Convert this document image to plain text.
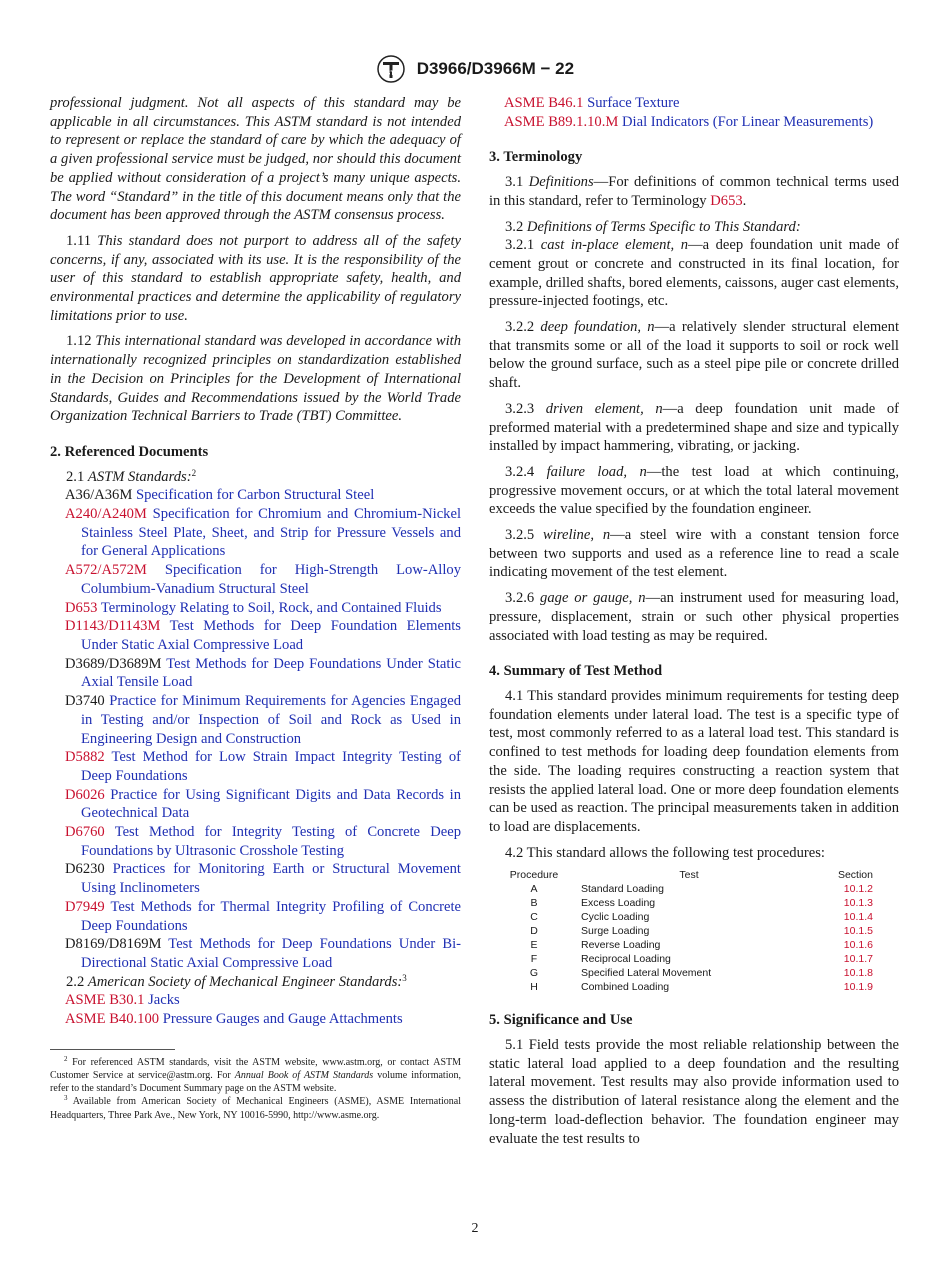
ASTM D3966/D3966M − 22

professional judgment. Not all aspects of this standard may be applicable in all circumstances. This ASTM standard is not intended to represent or replace the standard of care by which the adequacy of a given professional service must be judged, nor should this document be applied without consideration of a project’s many unique aspects. The word “Standard” in the title of this document means only that the document has been approved through the ASTM consensus process.

1.11 This standard does not purport to address all of the safety concerns, if any, associated with its use. It is the responsibility of the user of this standard to establish appropriate safety, health, and environmental practices and determine the applicability of regulatory limitations prior to use.

1.12 This international standard was developed in accordance with internationally recognized principles on standardization established in the Decision on Principles for the Development of International Standards, Guides and Recommendations issued by the World Trade Organization Technical Barriers to Trade (TBT) Committee.

2. Referenced Documents

2.1 ASTM Standards:$^2$

A36/A36M Specification for Carbon Structural Steel

A240/A240M Specification for Chromium and Chromium-Nickel Stainless Steel Plate, Sheet, and Strip for Pressure Vessels and for General Applications

A572/A572M Specification for High-Strength Low-Alloy Columbium-Vanadium Structural Steel

D653 Terminology Relating to Soil, Rock, and Contained Fluids

D1143/D1143M Test Methods for Deep Foundation Elements Under Static Axial Compressive Load

D3689/D3689M Test Methods for Deep Foundations Under Static Axial Tensile Load

D3740 Practice for Minimum Requirements for Agencies Engaged in Testing and/or Inspection of Soil and Rock as Used in Engineering Design and Construction

D5882 Test Method for Low Strain Impact Integrity Testing of Deep Foundations

D6026 Practice for Using Significant Digits and Data Records in Geotechnical Data

D6760 Test Method for Integrity Testing of Concrete Deep Foundations by Ultrasonic Crosshole Testing

D6230 Practices for Monitoring Earth or Structural Movement Using Inclinometers

D7949 Test Methods for Thermal Integrity Profiling of Concrete Deep Foundations

D8169/D8169M Test Methods for Deep Foundations Under Bi-Directional Static Axial Compressive Load

2.2 American Society of Mechanical Engineer Standards:$^3$

ASME B30.1 Jacks

ASME B40.100 Pressure Gauges and Gauge Attachments

$^2$ For referenced ASTM standards, visit the ASTM website, www.astm.org, or contact ASTM Customer Service at service@astm.org. For Annual Book of ASTM Standards volume information, refer to the standard’s Document Summary page on the ASTM website.

$^3$ Available from American Society of Mechanical Engineers (ASME), ASME International Headquarters, Three Park Ave., New York, NY 10016-5990, http://www.asme.org.

ASME B46.1 Surface Texture

ASME B89.1.10.M Dial Indicators (For Linear Measurements)

3. Terminology

3.1 Definitions—For definitions of common technical terms used in this standard, refer to Terminology D653.

3.2 Definitions of Terms Specific to This Standard:

3.2.1 cast in-place element, n—a deep foundation unit made of cement grout or concrete and constructed in its final location, for example, drilled shafts, bored elements, caissons, auger cast elements, pressure-injected footings, etc.

3.2.2 deep foundation, n—a relatively slender structural element that transmits some or all of the load it supports to soil or rock well below the ground surface, such as a steel pipe pile or concrete drilled shaft.

3.2.3 driven element, n—a deep foundation unit made of preformed material with a predetermined shape and size and typically installed by impact hammering, vibrating, or jacking.

3.2.4 failure load, n—the test load at which continuing, progressive movement occurs, or at which the total lateral movement exceeds the value specified by the foundation engineer.

3.2.5 wireline, n—a steel wire with a constant tension force between two supports and used as a reference line to read a scale indicating movement of the test element.

3.2.6 gage or gauge, n—an instrument used for measuring load, pressure, displacement, strain or such other physical properties associated with load testing as may be required.

4. Summary of Test Method

4.1 This standard provides minimum requirements for testing deep foundation elements under lateral load. The test is a specific type of test, most commonly referred to as a lateral load test. This standard is confined to test methods for loading deep foundation elements from the side. The loading requires constructing a reaction system that resists the applied lateral load. One or more deep foundation elements can be used as reaction. The principal measurements taken in addition to load are displacements.

4.2 This standard allows the following test procedures:

Procedure	Test	Section
A	Standard Loading	10.1.2
B	Excess Loading	10.1.3
C	Cyclic Loading	10.1.4
D	Surge Loading	10.1.5
E	Reverse Loading	10.1.6
F	Reciprocal Loading	10.1.7
G	Specified Lateral Movement	10.1.8
H	Combined Loading	10.1.9
5. Significance and Use

5.1 Field tests provide the most reliable relationship between the static lateral load applied to a deep foundation and the resulting lateral movement. Test results may also provide information used to assess the distribution of lateral resistance along the element and the long-term load-deflection behavior. The foundation engineer may evaluate the test results to

2
